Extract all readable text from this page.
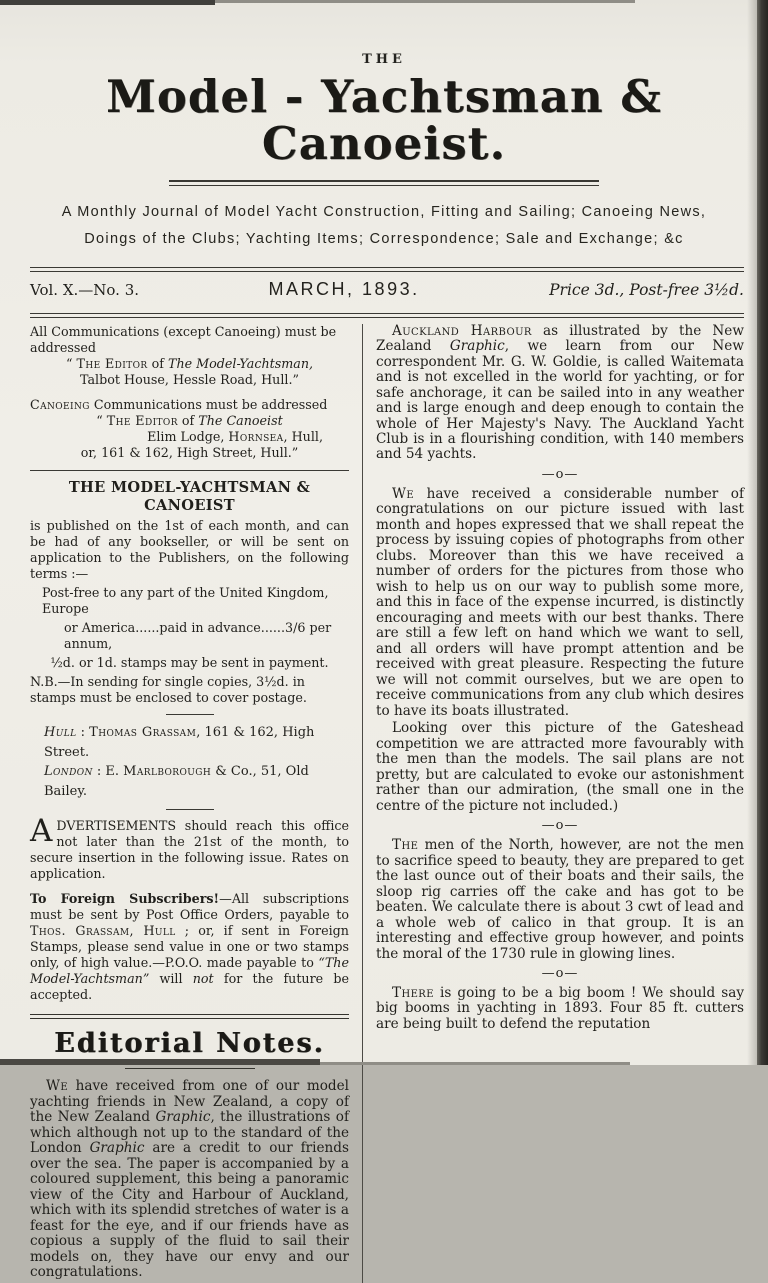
THE
Model - Yachtsman & Canoeist.
A Monthly Journal of Model Yacht Construction, Fitting and Sailing; Canoeing News,
Doings of the Clubs; Yachting Items; Correspondence; Sale and Exchange; &c
Vol. X.—No. 3.	MARCH, 1893.	Price 3d., Post-free 3½d.
All Communications (except Canoeing) must be addressed
“ The Editor of The Model-Yachtsman,
Talbot House, Hessle Road, Hull.”
Canoeing Communications must be addressed
“ The Editor of The Canoeist
Elim Lodge, Hornsea, Hull,
or, 161 & 162, High Street, Hull.”
THE MODEL-YACHTSMAN & CANOEIST
is published on the 1st of each month, and can be had of any bookseller, or will be sent on application to the Publishers, on the following terms :—
Post-free to any part of the United Kingdom, Europe
or America......paid in advance......3/6 per annum,
½d. or 1d. stamps may be sent in payment.
N.B.—In sending for single copies, 3½d. in stamps must be enclosed to cover postage.
Hull : Thomas Grassam, 161 & 162, High Street.
London : E. Marlborough & Co., 51, Old Bailey.
ADVERTISEMENTS should reach this office not later than the 21st of the month, to secure insertion in the following issue. Rates on application.
To Foreign Subscribers!—All subscriptions must be sent by Post Office Orders, payable to Thos. Grassam, Hull ; or, if sent in Foreign Stamps, please send value in one or two stamps only, of high value.—P.O.O. made payable to “The Model-Yachtsman” will not for the future be accepted.
Editorial Notes.

We have received from one of our model yachting friends in New Zealand, a copy of the New Zealand Graphic, the illustrations of which although not up to the standard of the London Graphic are a credit to our friends over the sea. The paper is accompanied by a coloured supplement, this being a panoramic view of the City and Harbour of Auckland, which with its splendid stretches of water is a feast for the eye, and if our friends have as copious a supply of the fluid to sail their models on, they have our envy and our congratulations.

Auckland Harbour as illustrated by the New Zealand Graphic, we learn from our New correspondent Mr. G. W. Goldie, is called Waitemata and is not excelled in the world for yachting, or for safe anchorage, it can be sailed into in any weather and is large enough and deep enough to contain the whole of Her Majesty's Navy. The Auckland Yacht Club is in a flourishing condition, with 140 members and 54 yachts.

—o—

We have received a considerable number of congratulations on our picture issued with last month and hopes expressed that we shall repeat the process by issuing copies of photographs from other clubs. Moreover than this we have received a number of orders for the pictures from those who wish to help us on our way to publish some more, and this in face of the expense incurred, is distinctly encouraging and meets with our best thanks. There are still a few left on hand which we want to sell, and all orders will have prompt attention and be received with great pleasure. Respecting the future we will not commit ourselves, but we are open to receive communications from any club which desires to have its boats illustrated.

Looking over this picture of the Gateshead competition we are attracted more favourably with the men than the models. The sail plans are not pretty, but are calculated to evoke our astonishment rather than our admiration, (the small one in the centre of the picture not included.)

—o—

The men of the North, however, are not the men to sacrifice speed to beauty, they are prepared to get the last ounce out of their boats and their sails, the sloop rig carries off the cake and has got to be beaten. We calculate there is about 3 cwt of lead and a whole web of calico in that group. It is an interesting and effective group however, and points the moral of the 1730 rule in glowing lines.

—o—

There is going to be a big boom ! We should say big booms in yachting in 1893. Four 85 ft. cutters are being built to defend the reputation
